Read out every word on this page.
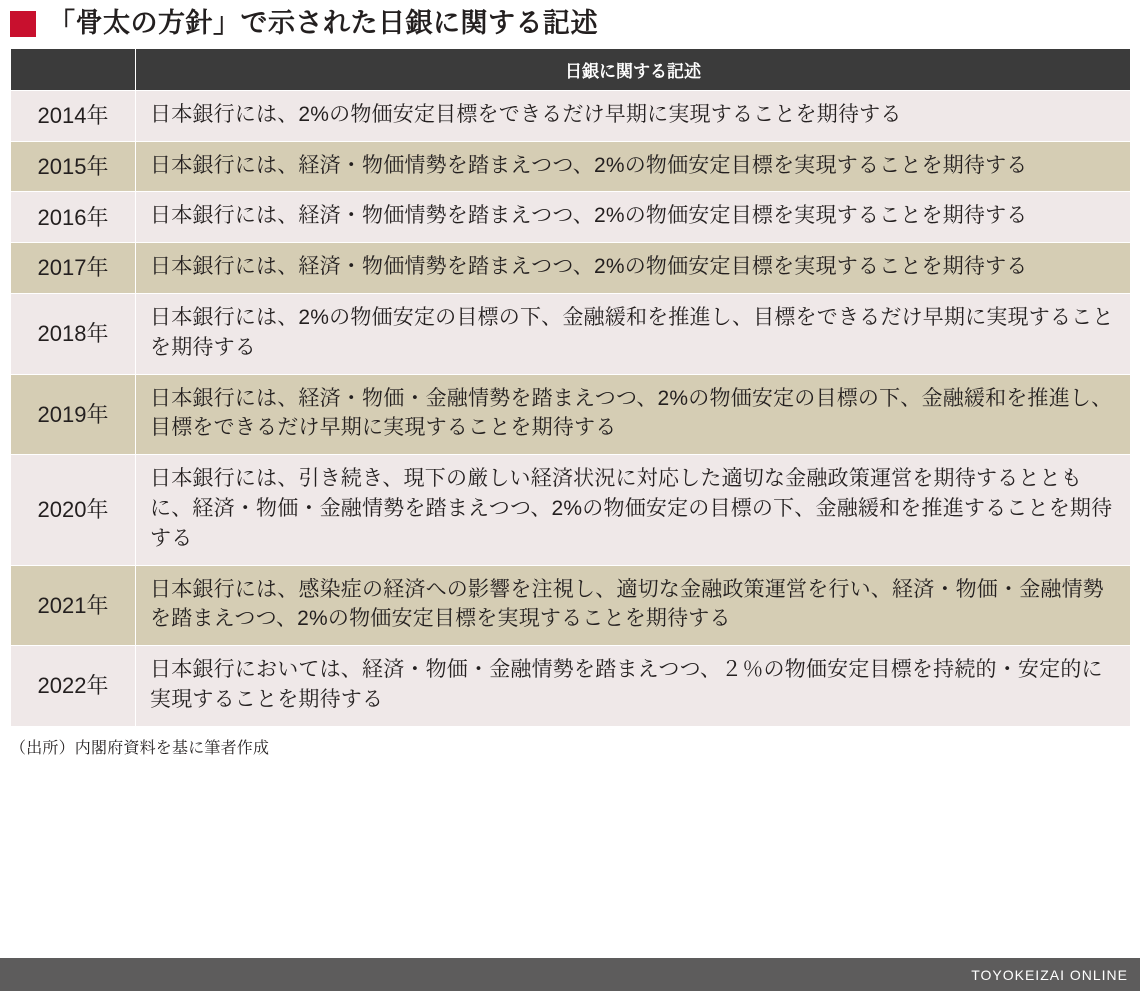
「骨太の方針」で示された日銀に関する記述
	日銀に関する記述
2014年	日本銀行には、2%の物価安定目標をできるだけ早期に実現することを期待する
2015年	日本銀行には、経済・物価情勢を踏まえつつ、2%の物価安定目標を実現することを期待する
2016年	日本銀行には、経済・物価情勢を踏まえつつ、2%の物価安定目標を実現することを期待する
2017年	日本銀行には、経済・物価情勢を踏まえつつ、2%の物価安定目標を実現することを期待する
2018年	日本銀行には、2%の物価安定の目標の下、金融緩和を推進し、目標をできるだけ早期に実現することを期待する
2019年	日本銀行には、経済・物価・金融情勢を踏まえつつ、2%の物価安定の目標の下、金融緩和を推進し、目標をできるだけ早期に実現することを期待する
2020年	日本銀行には、引き続き、現下の厳しい経済状況に対応した適切な金融政策運営を期待するとともに、経済・物価・金融情勢を踏まえつつ、2%の物価安定の目標の下、金融緩和を推進することを期待する
2021年	日本銀行には、感染症の経済への影響を注視し、適切な金融政策運営を行い、経済・物価・金融情勢を踏まえつつ、2%の物価安定目標を実現することを期待する
2022年	日本銀行においては、経済・物価・金融情勢を踏まえつつ、２％の物価安定目標を持続的・安定的に実現することを期待する
（出所）内閣府資料を基に筆者作成
TOYOKEIZAI ONLINE
